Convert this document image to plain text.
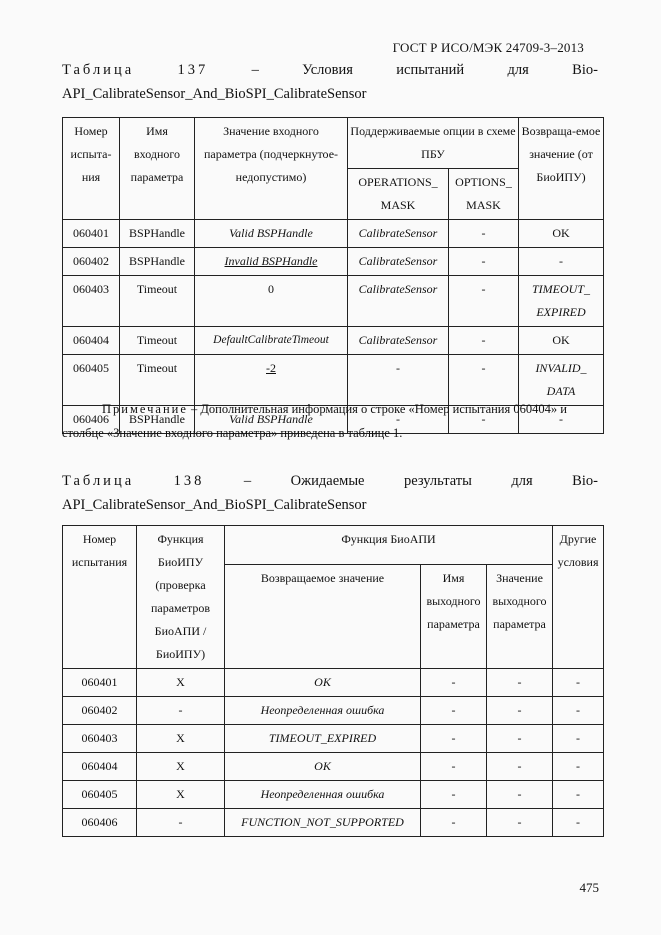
ГОСТ Р ИСО/МЭК 24709-3–2013
Таблица	137	–	Условия	испытаний	для	Bio-
API_CalibrateSensor_And_BioSPI_CalibrateSensor
Номер испыта-ния	Имя входного параметра	Значение входного параметра (подчеркнутое-недопустимо)	Поддерживаемые опции в схеме ПБУ		Возвраща-емое значение (от БиоИПУ)
			OPERATIONS_ MASK	OPTIONS_ MASK	
060401	BSPHandle	Valid BSPHandle	CalibrateSensor	-	OK
060402	BSPHandle	Invalid BSPHandle	CalibrateSensor	-	-
060403	Timeout	0	CalibrateSensor	-	TIMEOUT_ EXPIRED
060404	Timeout	DefaultCalibrateTimeout	CalibrateSensor	-	OK
060405	Timeout	-2	-	-	INVALID_ DATA
060406	BSPHandle	Valid BSPHandle	-	-	-
Примечание – Дополнительная информация о строке «Номер испытания 060404» и столбце «Значение входного параметра» приведена в таблице 1.
Таблица	138	–	Ожидаемые	результаты	для	Bio-
API_CalibrateSensor_And_BioSPI_CalibrateSensor
Номер испытания	Функция БиоИПУ (проверка параметров БиоАПИ /БиоИПУ)	Функция БиоАПИ			Другие условия
		Возвращаемое значение	Имя выходного параметра	Значение выходного параметра	
060401	X	OK	-	-	-
060402	-	Неопределенная ошибка	-	-	-
060403	X	TIMEOUT_EXPIRED	-	-	-
060404	X	OK	-	-	-
060405	X	Неопределенная ошибка	-	-	-
060406	-	FUNCTION_NOT_SUPPORTED	-	-	-
475
